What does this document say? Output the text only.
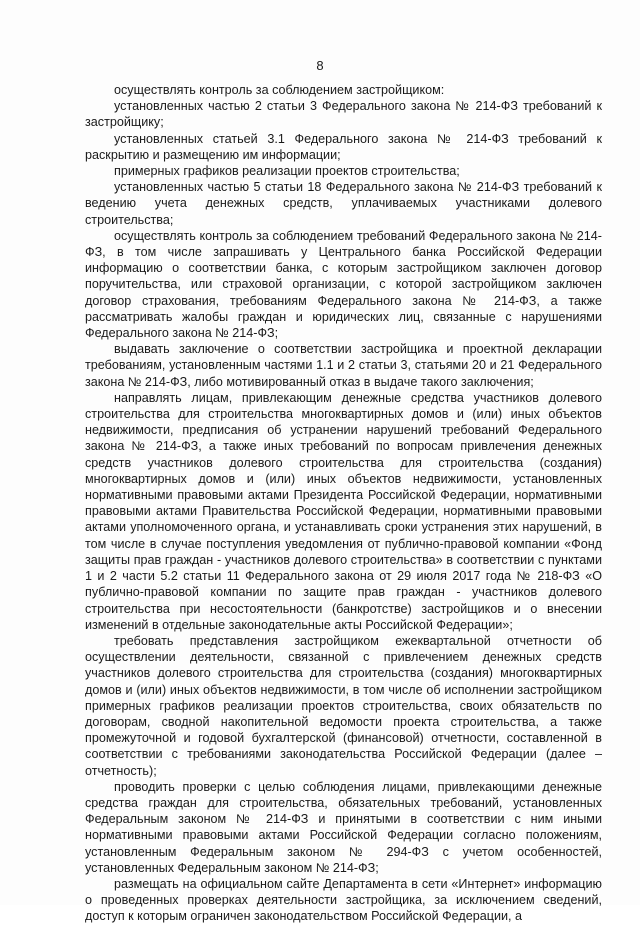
8

осуществлять контроль за соблюдением застройщиком:

установленных частью 2 статьи 3 Федерального закона № 214-ФЗ требований к застройщику;

установленных статьей 3.1 Федерального закона № 214-ФЗ требований к раскрытию и размещению им информации;

примерных графиков реализации проектов строительства;

установленных частью 5 статьи 18 Федерального закона № 214-ФЗ требований к ведению учета денежных средств, уплачиваемых участниками долевого строительства;

осуществлять контроль за соблюдением требований Федерального закона № 214-ФЗ, в том числе запрашивать у Центрального банка Российской Федерации информацию о соответствии банка, с которым застройщиком заключен договор поручительства, или страховой организации, с которой застройщиком заключен договор страхования, требованиям Федерального закона № 214-ФЗ, а также рассматривать жалобы граждан и юридических лиц, связанные с нарушениями Федерального закона № 214-ФЗ;

выдавать заключение о соответствии застройщика и проектной декларации требованиям, установленным частями 1.1 и 2 статьи 3, статьями 20 и 21 Федерального закона № 214-ФЗ, либо мотивированный отказ в выдаче такого заключения;

направлять лицам, привлекающим денежные средства участников долевого строительства для строительства многоквартирных домов и (или) иных объектов недвижимости, предписания об устранении нарушений требований Федерального закона № 214-ФЗ, а также иных требований по вопросам привлечения денежных средств участников долевого строительства для строительства (создания) многоквартирных домов и (или) иных объектов недвижимости, установленных нормативными правовыми актами Президента Российской Федерации, нормативными правовыми актами Правительства Российской Федерации, нормативными правовыми актами уполномоченного органа, и устанавливать сроки устранения этих нарушений, в том числе в случае поступления уведомления от публично-правовой компании «Фонд защиты прав граждан - участников долевого строительства» в соответствии с пунктами 1 и 2 части 5.2 статьи 11 Федерального закона от 29 июля 2017 года № 218-ФЗ «О публично-правовой компании по защите прав граждан - участников долевого строительства при несостоятельности (банкротстве) застройщиков и о внесении изменений в отдельные законодательные акты Российской Федерации»;

требовать представления застройщиком ежеквартальной отчетности об осуществлении деятельности, связанной с привлечением денежных средств участников долевого строительства для строительства (создания) многоквартирных домов и (или) иных объектов недвижимости, в том числе об исполнении застройщиком примерных графиков реализации проектов строительства, своих обязательств по договорам, сводной накопительной ведомости проекта строительства, а также промежуточной и годовой бухгалтерской (финансовой) отчетности, составленной в соответствии с требованиями законодательства Российской Федерации (далее – отчетность);

проводить проверки с целью соблюдения лицами, привлекающими денежные средства граждан для строительства, обязательных требований, установленных Федеральным законом № 214-ФЗ и принятыми в соответствии с ним иными нормативными правовыми актами Российской Федерации согласно положениям, установленным Федеральным законом № 294-ФЗ с учетом особенностей, установленных Федеральным законом № 214-ФЗ;

размещать на официальном сайте Департамента в сети «Интернет» информацию о проведенных проверках деятельности застройщика, за исключением сведений, доступ к которым ограничен законодательством Российской Федерации, а
